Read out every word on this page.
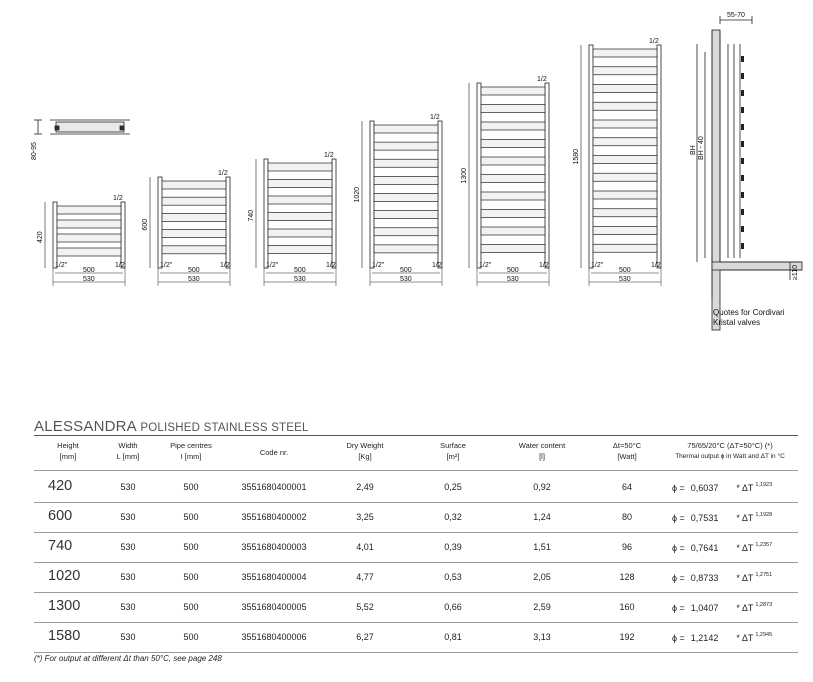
80-95
420
1/2
1/2"	1/2
500
530
600
1/2
1/2"	1/2
500
530
740
1/2
1/2"	1/2
500
530
1020
1/2
1/2"	1/2
500
530
1300
1/2
1/2"	1/2
500
530
1580
1/2
1/2"	1/2
500
530
55-70
BH BH - 40
≥110
Quotes for Cordivari
Kristal valves
ALESSANDRA POLISHED STAINLESS STEEL
Height
[mm]
Width
L [mm]
Pipe centres
I [mm]	Code nr.
Dry Weight
[Kg]
Surface
[m²]
Water content
[l]
Δt=50°C
[Watt]
75/65/20°C (ΔT=50°C) (*)
Thermal output ϕ in Watt and ΔT in °C
420	530	500	3551680400001	2,49	0,25	0,92	64	ϕ = 0,6037 * ΔT $^{1,1923}$
600	530	500	3551680400002	3,25	0,32	1,24	80	ϕ = 0,7531 * ΔT $^{1,1928}$
740	530	500	3551680400003	4,01	0,39	1,51	96	ϕ = 0,7641 * ΔT $^{1,2357}$
1020	530	500	3551680400004	4,77	0,53	2,05	128	ϕ = 0,8733 * ΔT $^{1,2751}$
1300	530	500	3551680400005	5,52	0,66	2,59	160	ϕ = 1,0407 * ΔT $^{1,2873}$
1580	530	500	3551680400006	6,27	0,81	3,13	192	ϕ = 1,2142 * ΔT $^{1,2945}$
(*) For output at different Δt than 50°C, see page 248
